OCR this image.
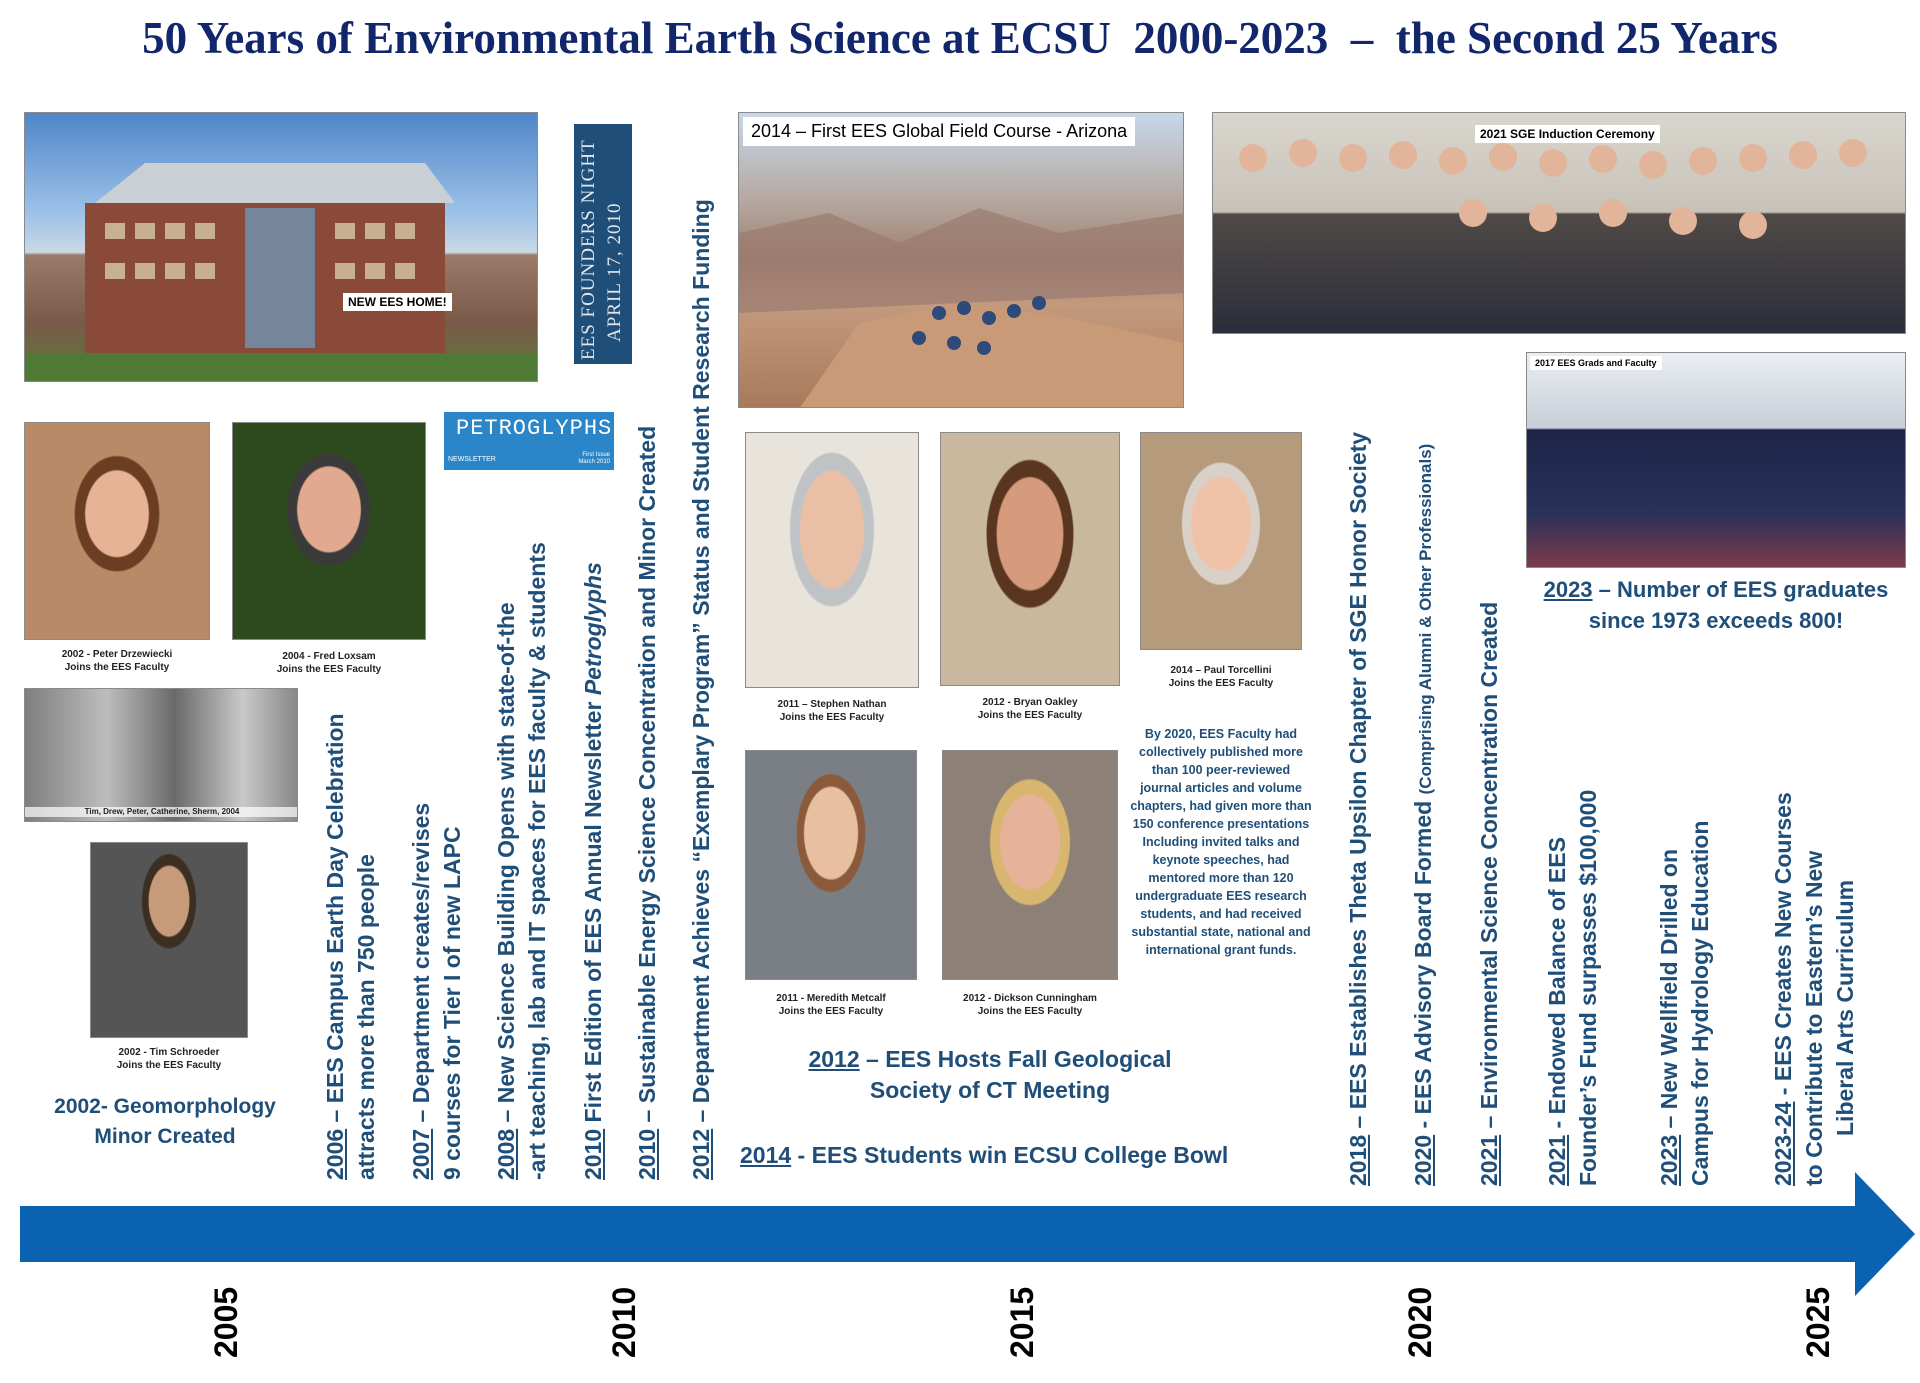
50 Years of Environmental Earth Science at ECSU  2000-2023  –  the Second 25 Years
NEW EES HOME!
2002 - Peter Drzewiecki
Joins the EES Faculty
2004 - Fred Loxsam
Joins the EES Faculty
Tim, Drew, Peter, Catherine, Sherm, 2004
2002 - Tim Schroeder
Joins the EES Faculty
2002- Geomorphology
Minor Created
EES FOUNDERS NIGHT APRIL 17, 2010
PETROGLYPHS
NEWSLETTER
First Issue
March 2010
2014 – First EES Global Field Course - Arizona
2011 – Stephen Nathan
Joins the EES Faculty
2012 - Bryan Oakley
Joins the EES Faculty
2014 – Paul Torcellini
Joins the EES Faculty
2011 - Meredith Metcalf
Joins the EES Faculty
2012 - Dickson Cunningham
Joins the EES Faculty
By 2020, EES Faculty had collectively published more than 100 peer-reviewed journal articles and volume chapters, had given more than 150 conference presentations Including invited talks and keynote speeches, had mentored more than 120 undergraduate EES research students, and had received substantial state, national and international grant funds.
2012 – EES Hosts Fall Geological
Society of CT Meeting
2014 - EES Students win ECSU College Bowl
2021 SGE Induction Ceremony
2017 EES Grads and Faculty
2023 – Number of EES graduates
since 1973 exceeds 800!
2006 – EES Campus Earth Day Celebration attracts more than 750 people 2007 – Department creates/revises 9 courses for Tier I of new LAPC 2008 – New Science Building Opens with state-of-the -art teaching, lab and IT spaces for EES faculty & students 2010 First Edition of EES Annual Newsletter Petroglyphs
2010 – Sustainable Energy Science Concentration and Minor Created
2012 – Department Achieves “Exemplary Program” Status and Student Research Funding
2018 – EES Establishes Theta Upsilon Chapter of SGE Honor Society
2020 - EES Advisory Board Formed (Comprising Alumni & Other Professionals)
2021 – Environmental Science Concentration Created
2021 - Endowed Balance of EES Founder’s Fund surpasses $100,000 2023 – New Wellfield Drilled on Campus for Hydrology Education 2023-24 - EES Creates New Courses to Contribute to Eastern’s New Liberal Arts Curriculum
2005	2010	2015	2020	2025
